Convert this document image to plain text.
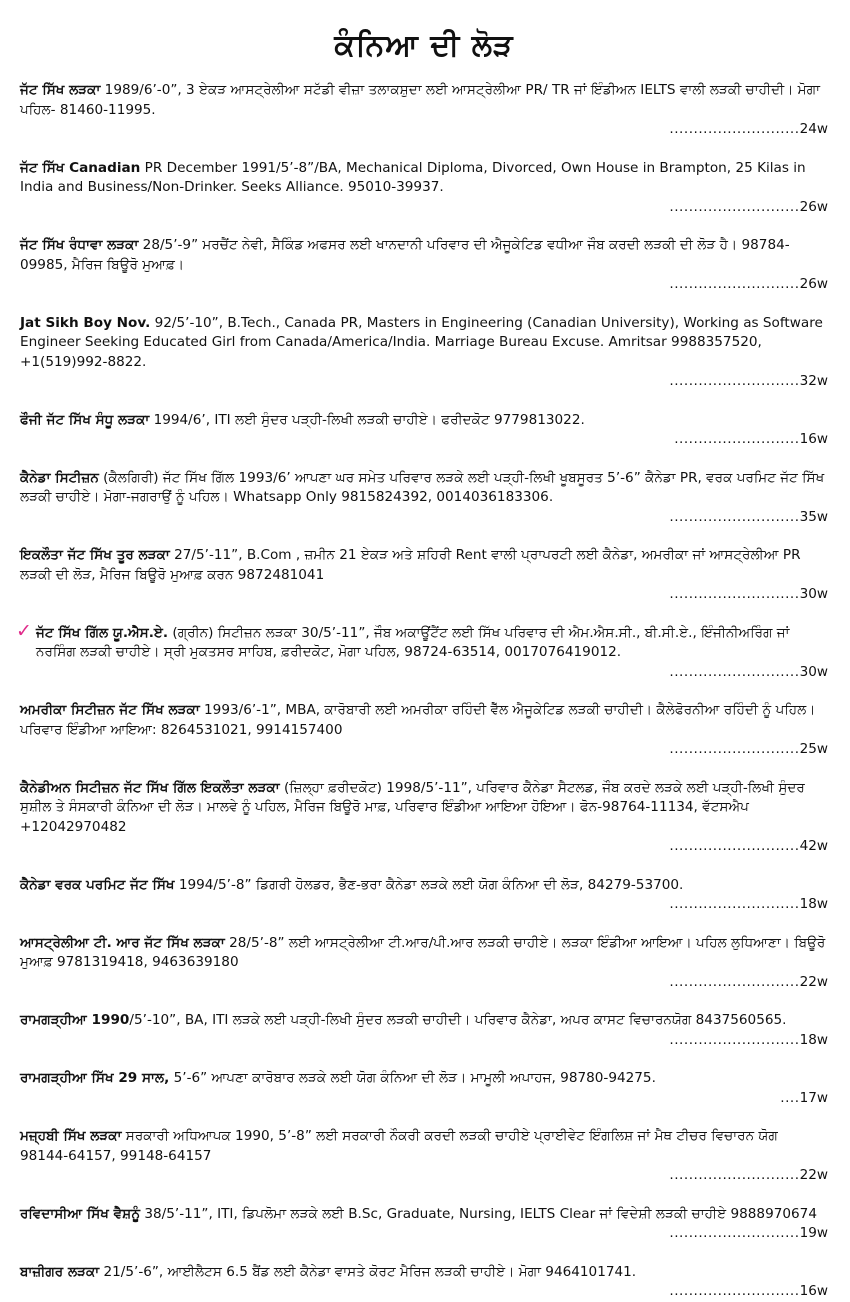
ਕੰਨਿਆ ਦੀ ਲੋੜ
ਜੱਟ ਸਿੱਖ ਲੜਕਾ 1989/6’-0”, 3 ਏਕੜ ਆਸਟ੍ਰੇਲੀਆ ਸਟੱਡੀ ਵੀਜ਼ਾ ਤਲਾਕਸ਼ੁਦਾ ਲਈ ਆਸਟ੍ਰੇਲੀਆ PR/ TR ਜਾਂ ਇੰਡੀਅਨ IELTS ਵਾਲੀ ਲੜਕੀ ਚਾਹੀਦੀ। ਮੋਗਾ ਪਹਿਲ- 81460-11995.
........................... 24w
ਜੱਟ ਸਿੱਖ Canadian PR December 1991/5’-8”/BA, Mechanical Diploma, Divorced, Own House in Brampton, 25 Kilas in India and Business/Non-Drinker. Seeks Alliance. 95010-39937.
........................... 26w
ਜੱਟ ਸਿੱਖ ਰੰਧਾਵਾ ਲੜਕਾ 28/5’-9” ਮਰਚੈਂਟ ਨੇਵੀ, ਸੈਕਿੰਡ ਅਫਸਰ ਲਈ ਖਾਨਦਾਨੀ ਪਰਿਵਾਰ ਦੀ ਐਜੂਕੇਟਿਡ ਵਧੀਆ ਜੌਬ ਕਰਦੀ ਲੜਕੀ ਦੀ ਲੋੜ ਹੈ। 98784-09985, ਮੈਰਿਜ ਬਿਊਰੋ ਮੁਆਫ਼।
........................... 26w
Jat Sikh Boy Nov. 92/5’-10”, B.Tech., Canada PR, Masters in Engineering (Canadian University), Working as Software Engineer Seeking Educated Girl from Canada/America/India. Marriage Bureau Excuse. Amritsar 9988357520, +1(519)992-8822.
........................... 32w
ਫੌਜੀ ਜੱਟ ਸਿੱਖ ਸੰਧੂ ਲੜਕਾ 1994/6’, ITI ਲਈ ਸੁੰਦਰ ਪੜ੍ਹੀ-ਲਿਖੀ ਲੜਕੀ ਚਾਹੀਏ। ਫਰੀਦਕੋਟ 9779813022.
.......................... 16w
ਕੈਨੇਡਾ ਸਿਟੀਜ਼ਨ (ਕੈਲਗਿਰੀ) ਜੱਟ ਸਿੱਖ ਗਿੱਲ 1993/6’ ਆਪਣਾ ਘਰ ਸਮੇਤ ਪਰਿਵਾਰ ਲੜਕੇ ਲਈ ਪੜ੍ਹੀ-ਲਿਖੀ ਖੂਬਸੂਰਤ 5’-6” ਕੈਨੇਡਾ PR, ਵਰਕ ਪਰਮਿਟ ਜੱਟ ਸਿੱਖ ਲੜਕੀ ਚਾਹੀਏ। ਮੋਗਾ-ਜਗਰਾਉਂ ਨੂੰ ਪਹਿਲ। Whatsapp Only 9815824392, 0014036183306.
........................... 35w
ਇਕਲੌਤਾ ਜੱਟ ਸਿੱਖ ਤੂਰ ਲੜਕਾ 27/5’-11”, B.Com , ਜ਼ਮੀਨ 21 ਏਕੜ ਅਤੇ ਸ਼ਹਿਰੀ Rent ਵਾਲੀ ਪ੍ਰਾਪਰਟੀ ਲਈ ਕੈਨੇਡਾ, ਅਮਰੀਕਾ ਜਾਂ ਆਸਟ੍ਰੇਲੀਆ PR ਲੜਕੀ ਦੀ ਲੋੜ, ਮੈਰਿਜ ਬਿਊਰੋ ਮੁਆਫ਼ ਕਰਨ 9872481041
........................... 30w
✓ ਜੱਟ ਸਿੱਖ ਗਿੱਲ ਯੂ.ਐਸ.ਏ. (ਗ੍ਰੀਨ) ਸਿਟੀਜ਼ਨ ਲੜਕਾ 30/5’-11”, ਜੌਬ ਅਕਾਊਂਟੈਂਟ ਲਈ ਸਿੱਖ ਪਰਿਵਾਰ ਦੀ ਐਮ.ਐਸ.ਸੀ., ਬੀ.ਸੀ.ਏ., ਇੰਜੀਨੀਅਰਿੰਗ ਜਾਂ ਨਰਸਿੰਗ ਲੜਕੀ ਚਾਹੀਏ। ਸ੍ਰੀ ਮੁਕਤਸਰ ਸਾਹਿਬ, ਫ਼ਰੀਦਕੋਟ, ਮੋਗਾ ਪਹਿਲ, 98724-63514, 0017076419012.
........................... 30w
ਅਮਰੀਕਾ ਸਿਟੀਜ਼ਨ ਜੱਟ ਸਿੱਖ ਲੜਕਾ 1993/6’-1”, MBA, ਕਾਰੋਬਾਰੀ ਲਈ ਅਮਰੀਕਾ ਰਹਿੰਦੀ ਵੈੱਲ ਐਜੂਕੇਟਿਡ ਲੜਕੀ ਚਾਹੀਦੀ। ਕੈਲੇਫੋਰਨੀਆ ਰਹਿੰਦੀ ਨੂੰ ਪਹਿਲ। ਪਰਿਵਾਰ ਇੰਡੀਆ ਆਇਆ: 8264531021, 9914157400
........................... 25w
ਕੈਨੇਡੀਅਨ ਸਿਟੀਜ਼ਨ ਜੱਟ ਸਿੱਖ ਗਿੱਲ ਇਕਲੌਤਾ ਲੜਕਾ (ਜ਼ਿਲ੍ਹਾ ਫ਼ਰੀਦਕੋਟ) 1998/5’-11”, ਪਰਿਵਾਰ ਕੈਨੇਡਾ ਸੈਟਲਡ, ਜੌਬ ਕਰਦੇ ਲੜਕੇ ਲਈ ਪੜ੍ਹੀ-ਲਿਖੀ ਸੁੰਦਰ ਸੁਸ਼ੀਲ ਤੇ ਸੰਸਕਾਰੀ ਕੰਨਿਆ ਦੀ ਲੋੜ। ਮਾਲਵੇ ਨੂੰ ਪਹਿਲ, ਮੈਰਿਜ ਬਿਊਰੋ ਮਾਫ਼, ਪਰਿਵਾਰ ਇੰਡੀਆ ਆਇਆ ਹੋਇਆ। ਫੋਨ-98764-11134, ਵੱਟਸਐਪ +12042970482
........................... 42w
ਕੈਨੇਡਾ ਵਰਕ ਪਰਮਿਟ ਜੱਟ ਸਿੱਖ 1994/5’-8” ਡਿਗਰੀ ਹੋਲਡਰ, ਭੈਣ-ਭਰਾ ਕੈਨੇਡਾ ਲੜਕੇ ਲਈ ਯੋਗ ਕੰਨਿਆ ਦੀ ਲੋੜ, 84279-53700.
........................... 18w
ਆਸਟ੍ਰੇਲੀਆ ਟੀ. ਆਰ ਜੱਟ ਸਿੱਖ ਲੜਕਾ 28/5’-8” ਲਈ ਆਸਟ੍ਰੇਲੀਆ ਟੀ.ਆਰ/ਪੀ.ਆਰ ਲੜਕੀ ਚਾਹੀਏ। ਲੜਕਾ ਇੰਡੀਆ ਆਇਆ। ਪਹਿਲ ਲੁਧਿਆਣਾ। ਬਿਊਰੋ ਮੁਆਫ਼ 9781319418, 9463639180
........................... 22w
ਰਾਮਗੜ੍ਹੀਆ 1990/5’-10”, BA, ITI ਲੜਕੇ ਲਈ ਪੜ੍ਹੀ-ਲਿਖੀ ਸੁੰਦਰ ਲੜਕੀ ਚਾਹੀਦੀ। ਪਰਿਵਾਰ ਕੈਨੇਡਾ, ਅਪਰ ਕਾਸਟ ਵਿਚਾਰਨਯੋਗ 8437560565.
........................... 18w
ਰਾਮਗੜ੍ਹੀਆ ਸਿੱਖ 29 ਸਾਲ, 5’-6” ਆਪਣਾ ਕਾਰੋਬਾਰ ਲੜਕੇ ਲਈ ਯੋਗ ਕੰਨਿਆ ਦੀ ਲੋੜ। ਮਾਮੂਲੀ ਅਪਾਹਜ, 98780-94275.
.... 17w
ਮਜ਼੍ਹਬੀ ਸਿੱਖ ਲੜਕਾ ਸਰਕਾਰੀ ਅਧਿਆਪਕ 1990, 5’-8” ਲਈ ਸਰਕਾਰੀ ਨੌਕਰੀ ਕਰਦੀ ਲੜਕੀ ਚਾਹੀਏ ਪ੍ਰਾਈਵੇਟ ਇੰਗਲਿਸ਼ ਜਾਂ ਮੈਥ ਟੀਚਰ ਵਿਚਾਰਨ ਯੋਗ 98144-64157, 99148-64157
........................... 22w
ਰਵਿਦਾਸੀਆ ਸਿੱਖ ਵੈਸ਼ਨੂੰ 38/5’-11”, ITI, ਡਿਪਲੋਮਾ ਲੜਕੇ ਲਈ B.Sc, Graduate, Nursing, IELTS Clear ਜਾਂ ਵਿਦੇਸ਼ੀ ਲੜਕੀ ਚਾਹੀਏ 9888970674
........................... 19w
ਬਾਜ਼ੀਗਰ ਲੜਕਾ 21/5’-6”, ਆਈਲੈਟਸ 6.5 ਬੈਂਡ ਲਈ ਕੈਨੇਡਾ ਵਾਸਤੇ ਕੋਰਟ ਮੈਰਿਜ ਲੜਕੀ ਚਾਹੀਏ। ਮੋਗਾ 9464101741.
........................... 16w
